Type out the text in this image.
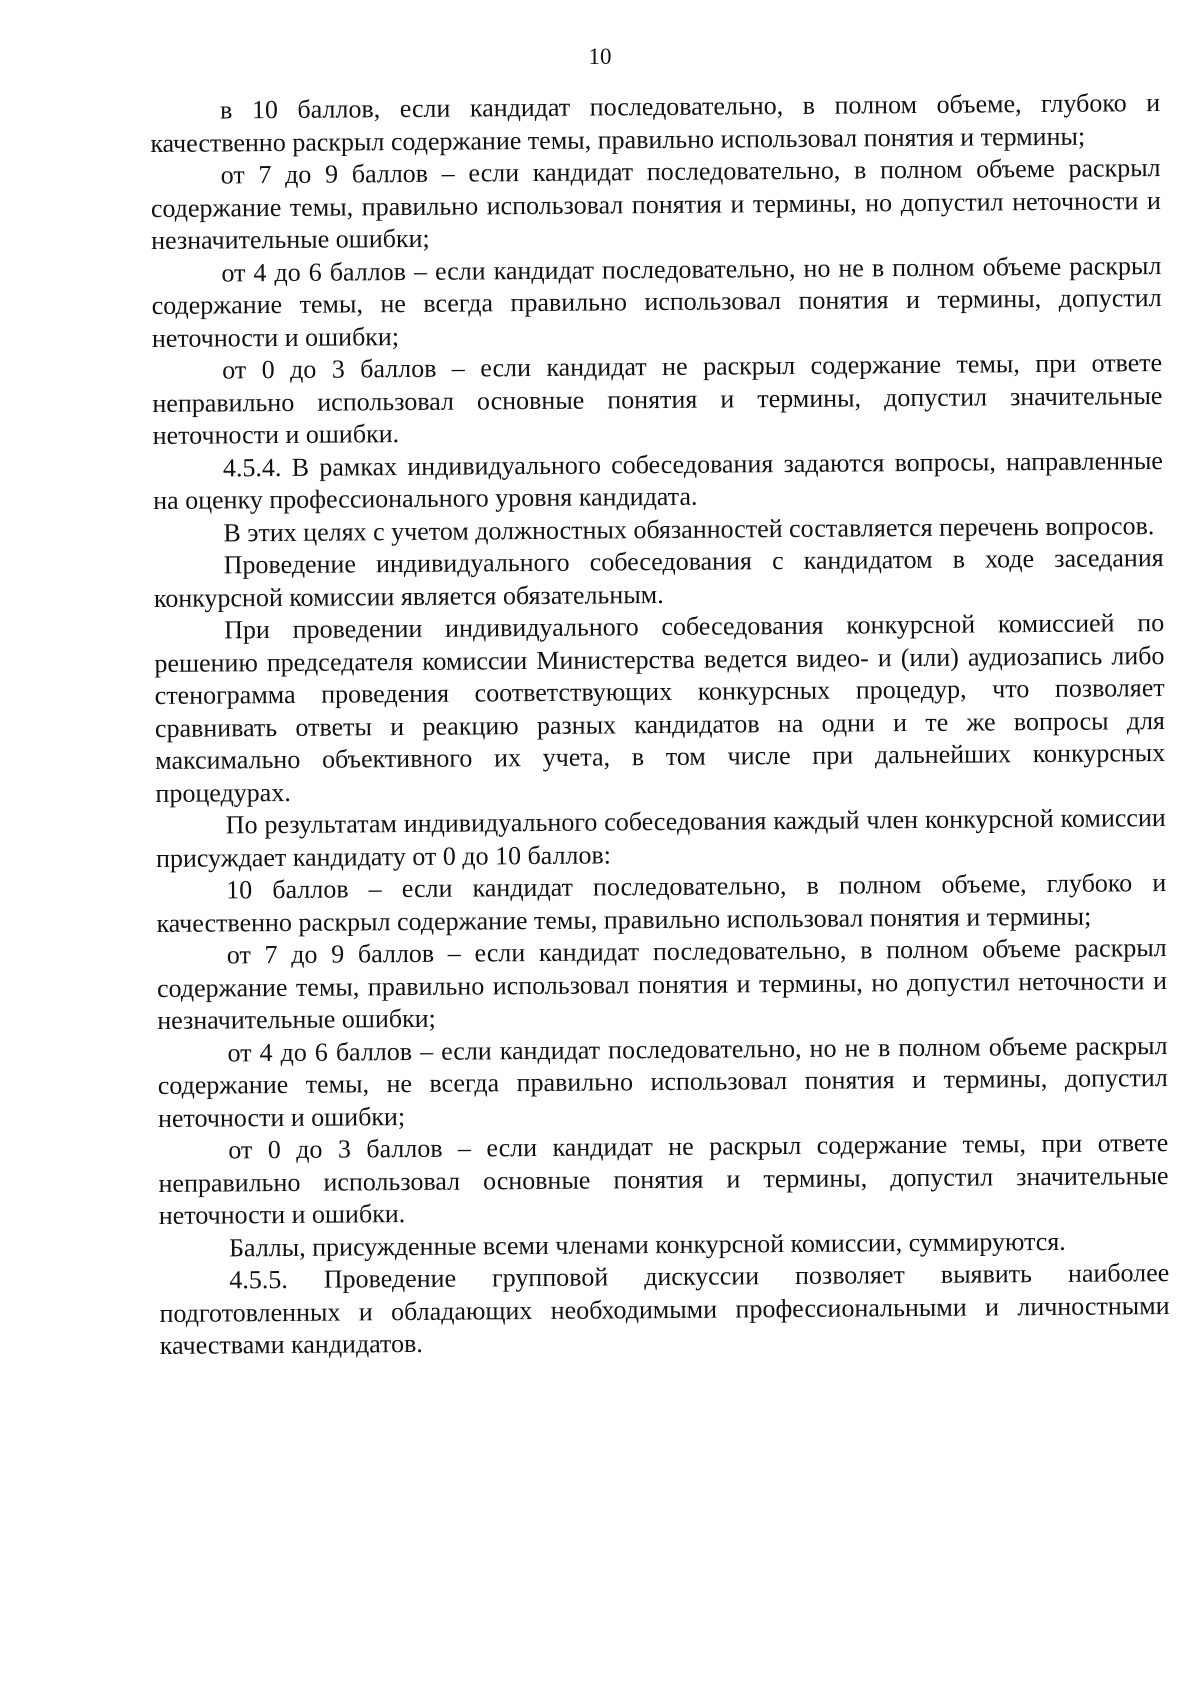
10

в 10 баллов, если кандидат последовательно, в полном объеме, глубоко и качественно раскрыл содержание темы, правильно использовал понятия и термины;

от 7 до 9 баллов – если кандидат последовательно, в полном объеме раскрыл содержание темы, правильно использовал понятия и термины, но допустил неточности и незначительные ошибки;

от 4 до 6 баллов – если кандидат последовательно, но не в полном объеме раскрыл содержание темы, не всегда правильно использовал понятия и термины, допустил неточности и ошибки;

от 0 до 3 баллов – если кандидат не раскрыл содержание темы, при ответе неправильно использовал основные понятия и термины, допустил значительные неточности и ошибки.

4.5.4. В рамках индивидуального собеседования задаются вопросы, направленные на оценку профессионального уровня кандидата.

В этих целях с учетом должностных обязанностей составляется перечень вопросов.

Проведение индивидуального собеседования с кандидатом в ходе заседания конкурсной комиссии является обязательным.

При проведении индивидуального собеседования конкурсной комиссией по решению председателя комиссии Министерства ведется видео- и (или) аудиозапись либо стенограмма проведения соответствующих конкурсных процедур, что позволяет сравнивать ответы и реакцию разных кандидатов на одни и те же вопросы для максимально объективного их учета, в том числе при дальнейших конкурсных процедурах.

По результатам индивидуального собеседования каждый член конкурсной комиссии присуждает кандидату от 0 до 10 баллов:

10 баллов – если кандидат последовательно, в полном объеме, глубоко и качественно раскрыл содержание темы, правильно использовал понятия и термины;

от 7 до 9 баллов – если кандидат последовательно, в полном объеме раскрыл содержание темы, правильно использовал понятия и термины, но допустил неточности и незначительные ошибки;

от 4 до 6 баллов – если кандидат последовательно, но не в полном объеме раскрыл содержание темы, не всегда правильно использовал понятия и термины, допустил неточности и ошибки;

от 0 до 3 баллов – если кандидат не раскрыл содержание темы, при ответе неправильно использовал основные понятия и термины, допустил значительные неточности и ошибки.

Баллы, присужденные всеми членами конкурсной комиссии, суммируются.

4.5.5. Проведение групповой дискуссии позволяет выявить наиболее подготовленных и обладающих необходимыми профессиональными и личностными качествами кандидатов.
